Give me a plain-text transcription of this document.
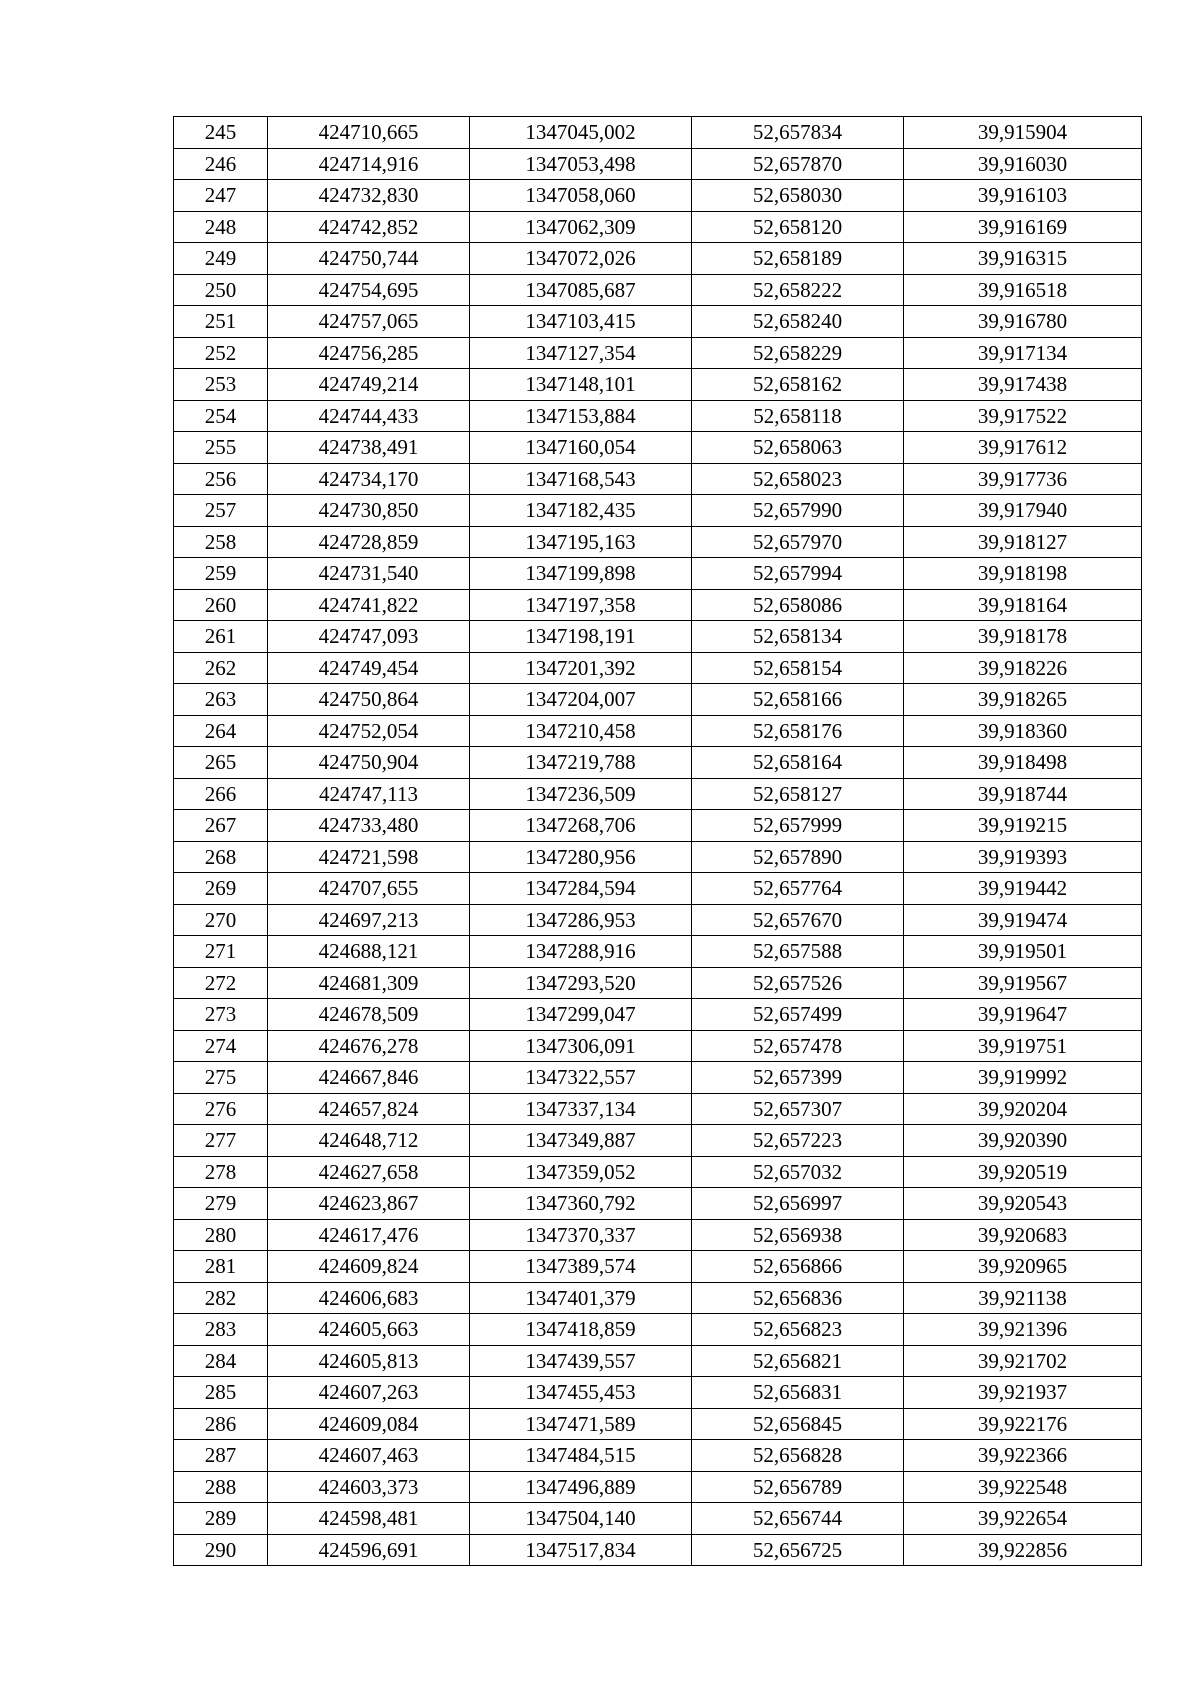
245	424710,665	1347045,002	52,657834	39,915904
246	424714,916	1347053,498	52,657870	39,916030
247	424732,830	1347058,060	52,658030	39,916103
248	424742,852	1347062,309	52,658120	39,916169
249	424750,744	1347072,026	52,658189	39,916315
250	424754,695	1347085,687	52,658222	39,916518
251	424757,065	1347103,415	52,658240	39,916780
252	424756,285	1347127,354	52,658229	39,917134
253	424749,214	1347148,101	52,658162	39,917438
254	424744,433	1347153,884	52,658118	39,917522
255	424738,491	1347160,054	52,658063	39,917612
256	424734,170	1347168,543	52,658023	39,917736
257	424730,850	1347182,435	52,657990	39,917940
258	424728,859	1347195,163	52,657970	39,918127
259	424731,540	1347199,898	52,657994	39,918198
260	424741,822	1347197,358	52,658086	39,918164
261	424747,093	1347198,191	52,658134	39,918178
262	424749,454	1347201,392	52,658154	39,918226
263	424750,864	1347204,007	52,658166	39,918265
264	424752,054	1347210,458	52,658176	39,918360
265	424750,904	1347219,788	52,658164	39,918498
266	424747,113	1347236,509	52,658127	39,918744
267	424733,480	1347268,706	52,657999	39,919215
268	424721,598	1347280,956	52,657890	39,919393
269	424707,655	1347284,594	52,657764	39,919442
270	424697,213	1347286,953	52,657670	39,919474
271	424688,121	1347288,916	52,657588	39,919501
272	424681,309	1347293,520	52,657526	39,919567
273	424678,509	1347299,047	52,657499	39,919647
274	424676,278	1347306,091	52,657478	39,919751
275	424667,846	1347322,557	52,657399	39,919992
276	424657,824	1347337,134	52,657307	39,920204
277	424648,712	1347349,887	52,657223	39,920390
278	424627,658	1347359,052	52,657032	39,920519
279	424623,867	1347360,792	52,656997	39,920543
280	424617,476	1347370,337	52,656938	39,920683
281	424609,824	1347389,574	52,656866	39,920965
282	424606,683	1347401,379	52,656836	39,921138
283	424605,663	1347418,859	52,656823	39,921396
284	424605,813	1347439,557	52,656821	39,921702
285	424607,263	1347455,453	52,656831	39,921937
286	424609,084	1347471,589	52,656845	39,922176
287	424607,463	1347484,515	52,656828	39,922366
288	424603,373	1347496,889	52,656789	39,922548
289	424598,481	1347504,140	52,656744	39,922654
290	424596,691	1347517,834	52,656725	39,922856
